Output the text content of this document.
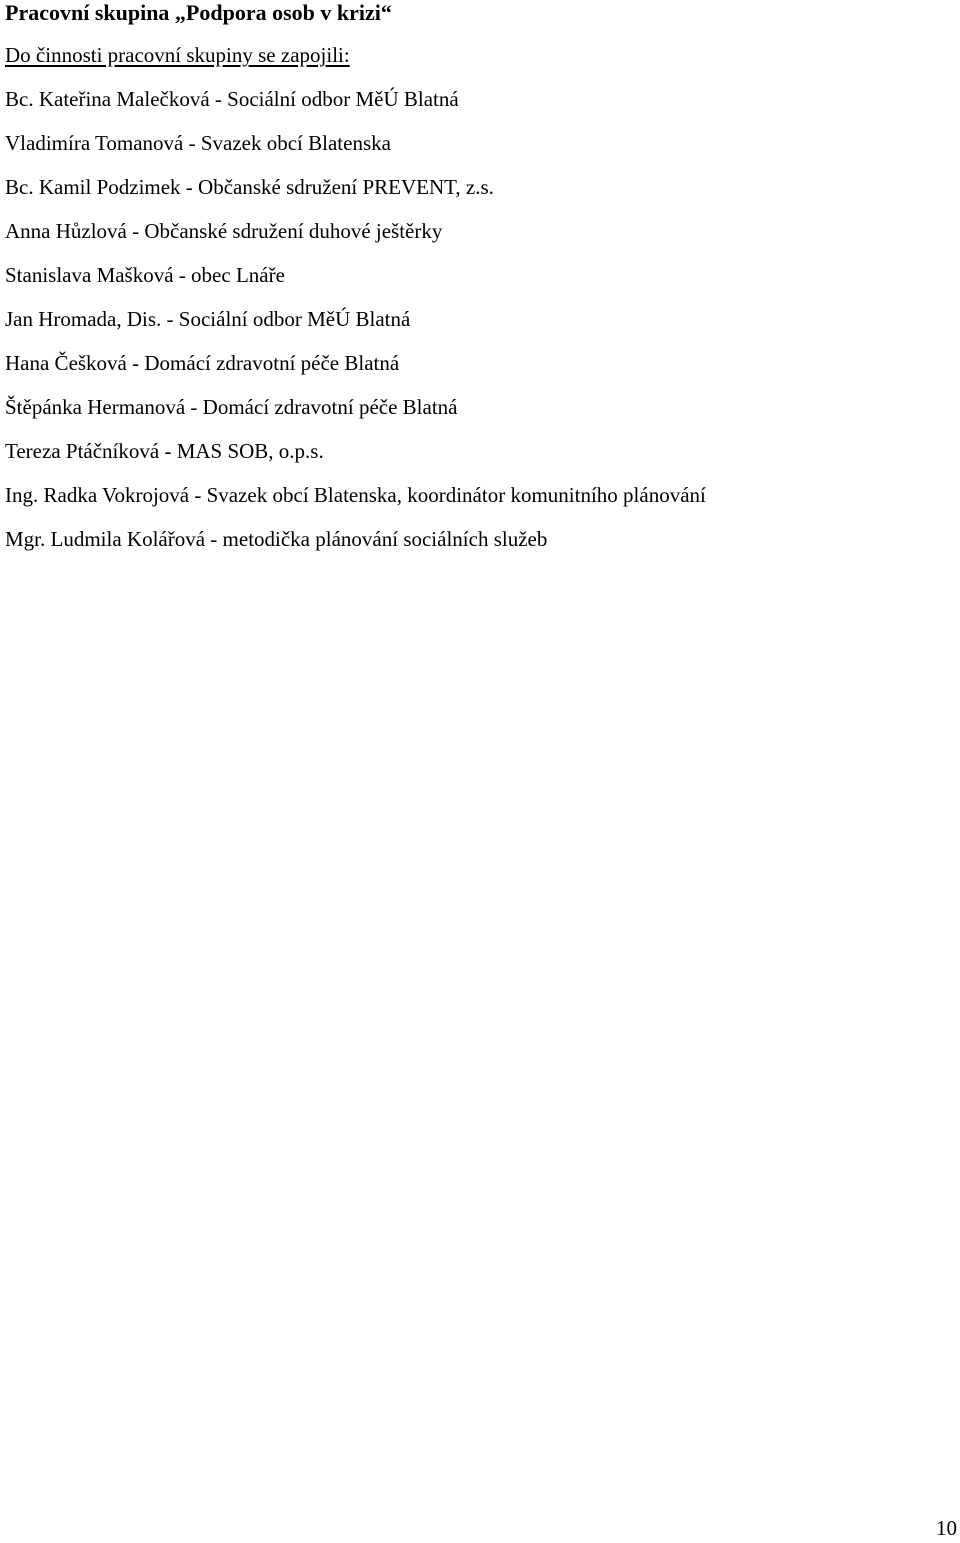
Pracovní skupina „Podpora osob v krizi“

Do činnosti pracovní skupiny se zapojili:

Bc. Kateřina Malečková - Sociální odbor MěÚ Blatná
Vladimíra Tomanová - Svazek obcí Blatenska
Bc. Kamil Podzimek - Občanské sdružení PREVENT, z.s.
Anna Hůzlová - Občanské sdružení duhové ještěrky
Stanislava Mašková - obec Lnáře
Jan Hromada, Dis. - Sociální odbor MěÚ Blatná
Hana Češková - Domácí zdravotní péče Blatná
Štěpánka Hermanová - Domácí zdravotní péče Blatná
Tereza Ptáčníková - MAS SOB, o.p.s.
Ing. Radka Vokrojová - Svazek obcí Blatenska, koordinátor komunitního plánování
Mgr. Ludmila Kolářová - metodička plánování sociálních služeb
10
